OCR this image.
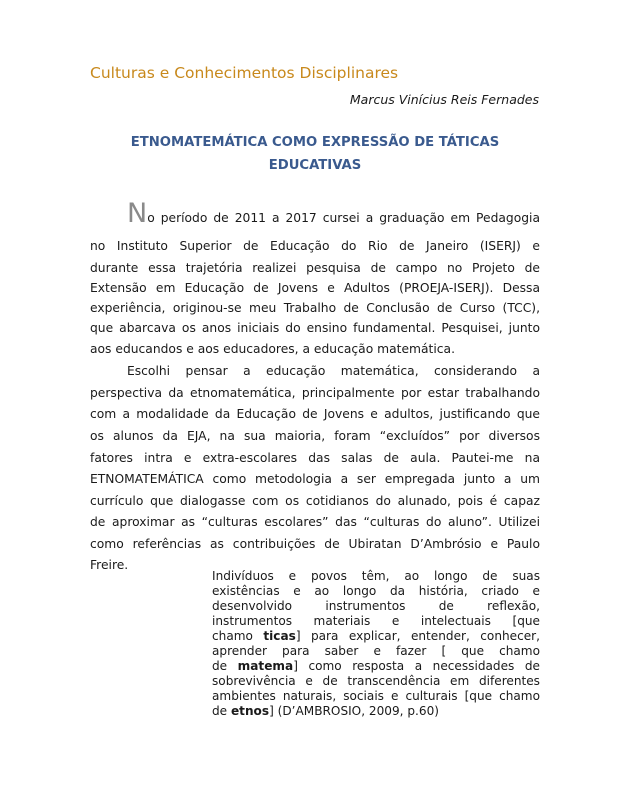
Culturas e Conhecimentos Disciplinares
Marcus Vinícius Reis Fernades
ETNOMATEMÁTICA COMO EXPRESSÃO DE TÁTICAS
EDUCATIVAS
No período de 2011 a 2017 cursei a graduação em Pedagogia
no Instituto Superior de Educação do Rio de Janeiro (ISERJ) e
durante essa trajetória realizei pesquisa de campo no Projeto de
Extensão em Educação de Jovens e Adultos (PROEJA-ISERJ). Dessa
experiência, originou-se meu Trabalho de Conclusão de Curso (TCC),
que abarcava os anos iniciais do ensino fundamental. Pesquisei, junto
aos educandos e aos educadores, a educação matemática.
Escolhi pensar a educação matemática, considerando a
perspectiva da etnomatemática, principalmente por estar trabalhando
com a modalidade da Educação de Jovens e adultos, justificando que
os alunos da EJA, na sua maioria, foram “excluídos” por diversos
fatores intra e extra-escolares das salas de aula. Pautei-me na
ETNOMATEMÁTICA como metodologia a ser empregada junto a um
currículo que dialogasse com os cotidianos do alunado, pois é capaz
de aproximar as “culturas escolares” das “culturas do aluno”. Utilizei
como referências as contribuições de Ubiratan D’Ambrósio e Paulo
Freire.
Indivíduos e povos têm, ao longo de suas
existências e ao longo da história, criado e
desenvolvido instrumentos de reflexão,
instrumentos materiais e intelectuais [que
chamo ticas] para explicar, entender, conhecer,
aprender para saber e fazer [ que chamo
de matema] como resposta a necessidades de
sobrevivência e de transcendência em diferentes
ambientes naturais, sociais e culturais [que chamo
de etnos] (D’AMBROSIO, 2009, p.60)
